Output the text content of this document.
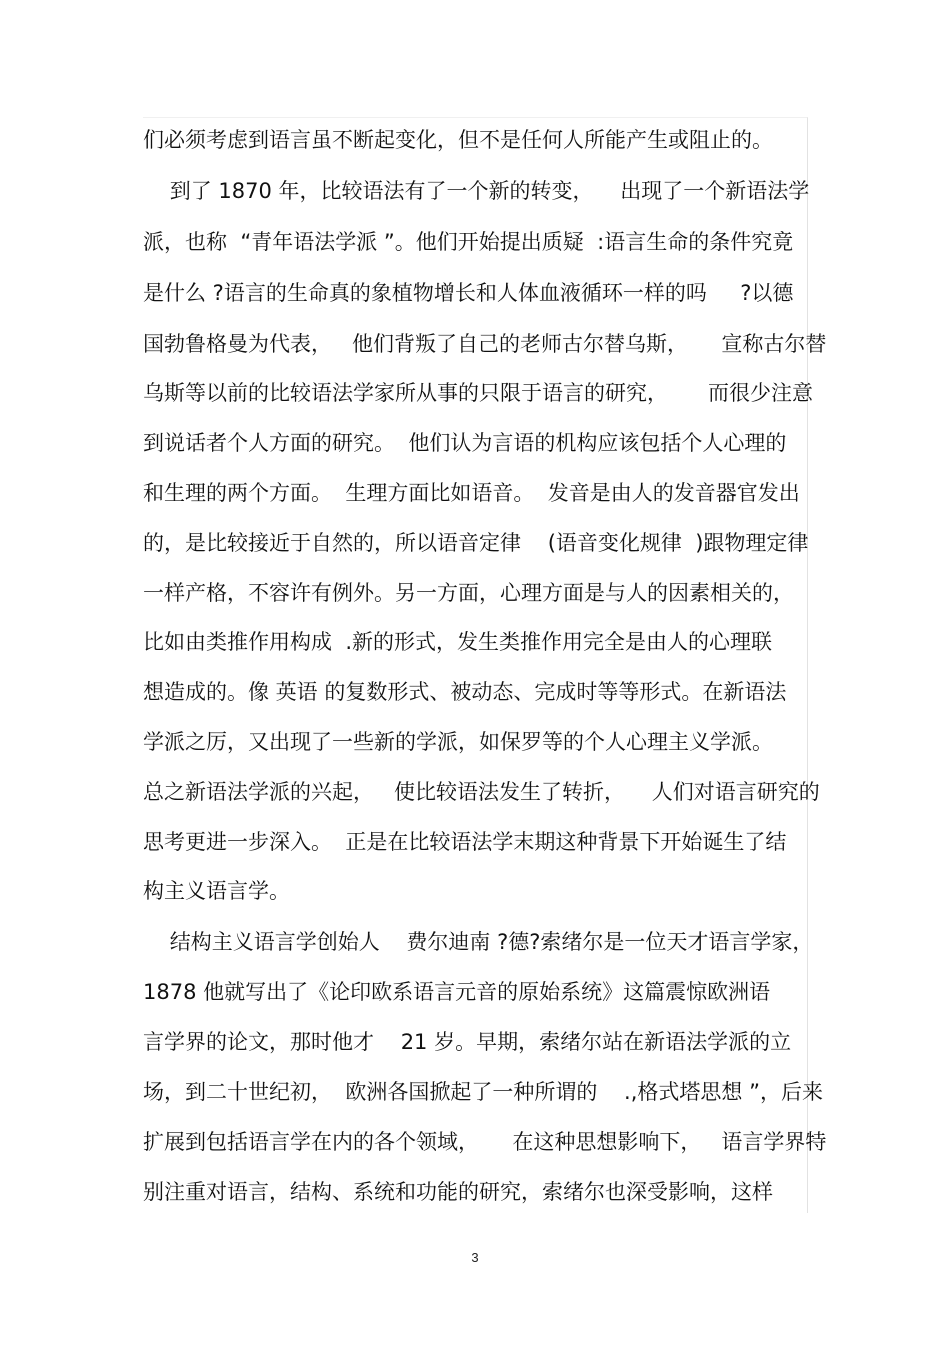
们必须考虑到语言虽不断起变化，但不是任何人所能产生或阻止的。
到了 1870 年，比较语法有了一个新的转变，    出现了一个新语法学
派，也称  “青年语法学派 ”。他们开始提出质疑  :语言生命的条件究竟
是什么 ?语言的生命真的象植物增长和人体血液循环一样的吗     ?以德
国勃鲁格曼为代表，   他们背叛了自己的老师古尔替乌斯，     宣称古尔替
乌斯等以前的比较语法学家所从事的只限于语言的研究，      而很少注意
到说话者个人方面的研究。  他们认为言语的机构应该包括个人心理的
和生理的两个方面。  生理方面比如语音。  发音是由人的发音器官发出
的，是比较接近于自然的，所以语音定律    (语音变化规律  )跟物理定律
一样产格，不容许有例外。另一方面，心理方面是与人的因素相关的，
比如由类推作用构成  .新的形式，发生类推作用完全是由人的心理联
想造成的。像 英语 的复数形式、被动态、完成时等等形式。在新语法
学派之厉，又出现了一些新的学派，如保罗等的个人心理主义学派。
总之新语法学派的兴起，   使比较语法发生了转折，    人们对语言研究的
思考更进一步深入。  正是在比较语法学末期这种背景下开始诞生了结
构主义语言学。
结构主义语言学创始人    费尔迪南 ?德?索绪尔是一位天才语言学家，
1878 他就写出了《论印欧系语言元音的原始系统》这篇震惊欧洲语
言学界的论文，那时他才    21 岁。早期，索绪尔站在新语法学派的立
场，到二十世纪初，  欧洲各国掀起了一种所谓的    .,格式塔思想 ”，后来
扩展到包括语言学在内的各个领域，     在这种思想影响下，   语言学界特
别注重对语言，结构、系统和功能的研究，索绪尔也深受影响，这样
3
